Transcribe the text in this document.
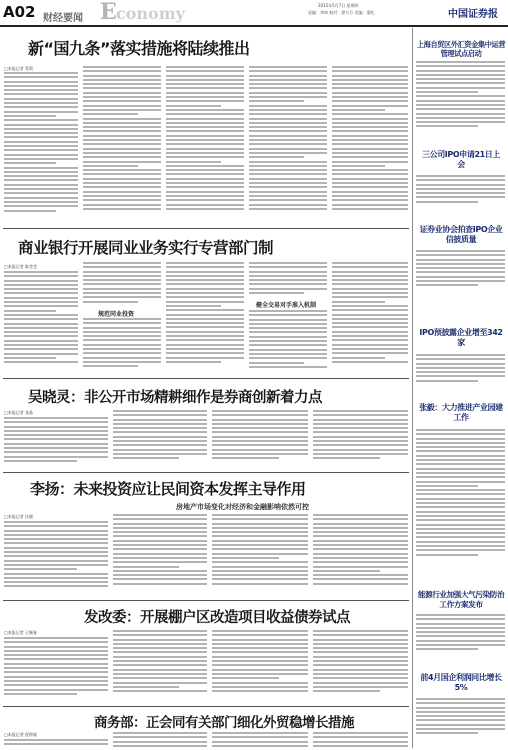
A02 财经要闻 E conomy	2015年5月7日 星期四
责编：李坤 校对：徐万方 美编：梁纪	中国证券报
上海自贸区外汇资金集中运营管理试点启动
三公司IPO申请21日上会
证券业协会拍查IPO企业信披质量
IPO预披露企业增至342家
张毅：大力推进产业园建工作
能源行业加强大气污染防治工作方案发布
前4月国企利润同比增长5%
新“国九条”落实措施将陆续推出
□本报记者 蔡莉
商业银行开展同业业务实行专营部门制
□本报记者 陈莹莹
规范同业投资
健全交易对手准入机制
吴晓灵：非公开市场精耕细作是券商创新着力点
□本报记者 张晶
李扬：未来投资应让民间资本发挥主导作用
房地产市场变化对经济和金融影响依然可控
□本报记者 任晓
发改委：开展棚户区改造项目收益债券试点
□本报记者 王颖春
商务部：正会同有关部门细化外贸稳增长措施
□本报记者 倪铭娅
